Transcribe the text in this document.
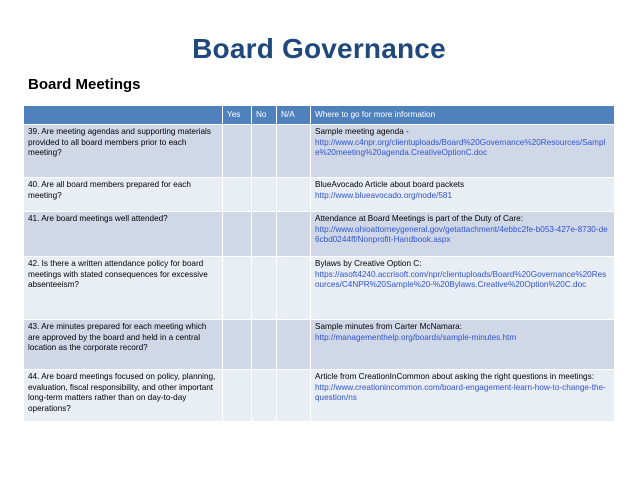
Board Governance
Board Meetings
	Yes	No	N/A	Where to go for more information
39. Are meeting agendas and supporting materials provided to all board members prior to each meeting?				Sample meeting agenda -
http://www.c4npr.org/clientuploads/Board%20Governance%20Resources/Sample%20meeting%20agenda.CreativeOptionC.doc

40. Are all board members prepared for each meeting?				BlueAvocado Article about board packets
http://www.blueavocado.org/node/581

41. Are board meetings well attended?				Attendance at Board Meetings is part of the Duty of Care:
http://www.ohioattorneygeneral.gov/getattachment/4ebbc2fe-b053-427e-8730-de6cbd0244ff/Nonprofit-Handbook.aspx

42. Is there a written attendance policy for board meetings with stated consequences for excessive absenteeism?				Bylaws by Creative Option C:
https://asoft4240.accrisoft.com/npr/clientuploads/Board%20Governance%20Resources/C4NPR%20Sample%20-%20Bylaws.Creative%20Option%20C.doc

43. Are minutes prepared for each meeting which are approved by the board and held in a central location as the corporate record?				Sample minutes from Carter McNamara:
http://managementhelp.org/boards/sample-minutes.htm

44. Are board meetings focused on policy, planning, evaluation, fiscal responsibility, and other important long-term matters rather than on day-to-day operations?				Article from CreationInCommon about asking the right questions in meetings:
http://www.creationincommon.com/board-engagement-learn-how-to-change-the-question/ns
